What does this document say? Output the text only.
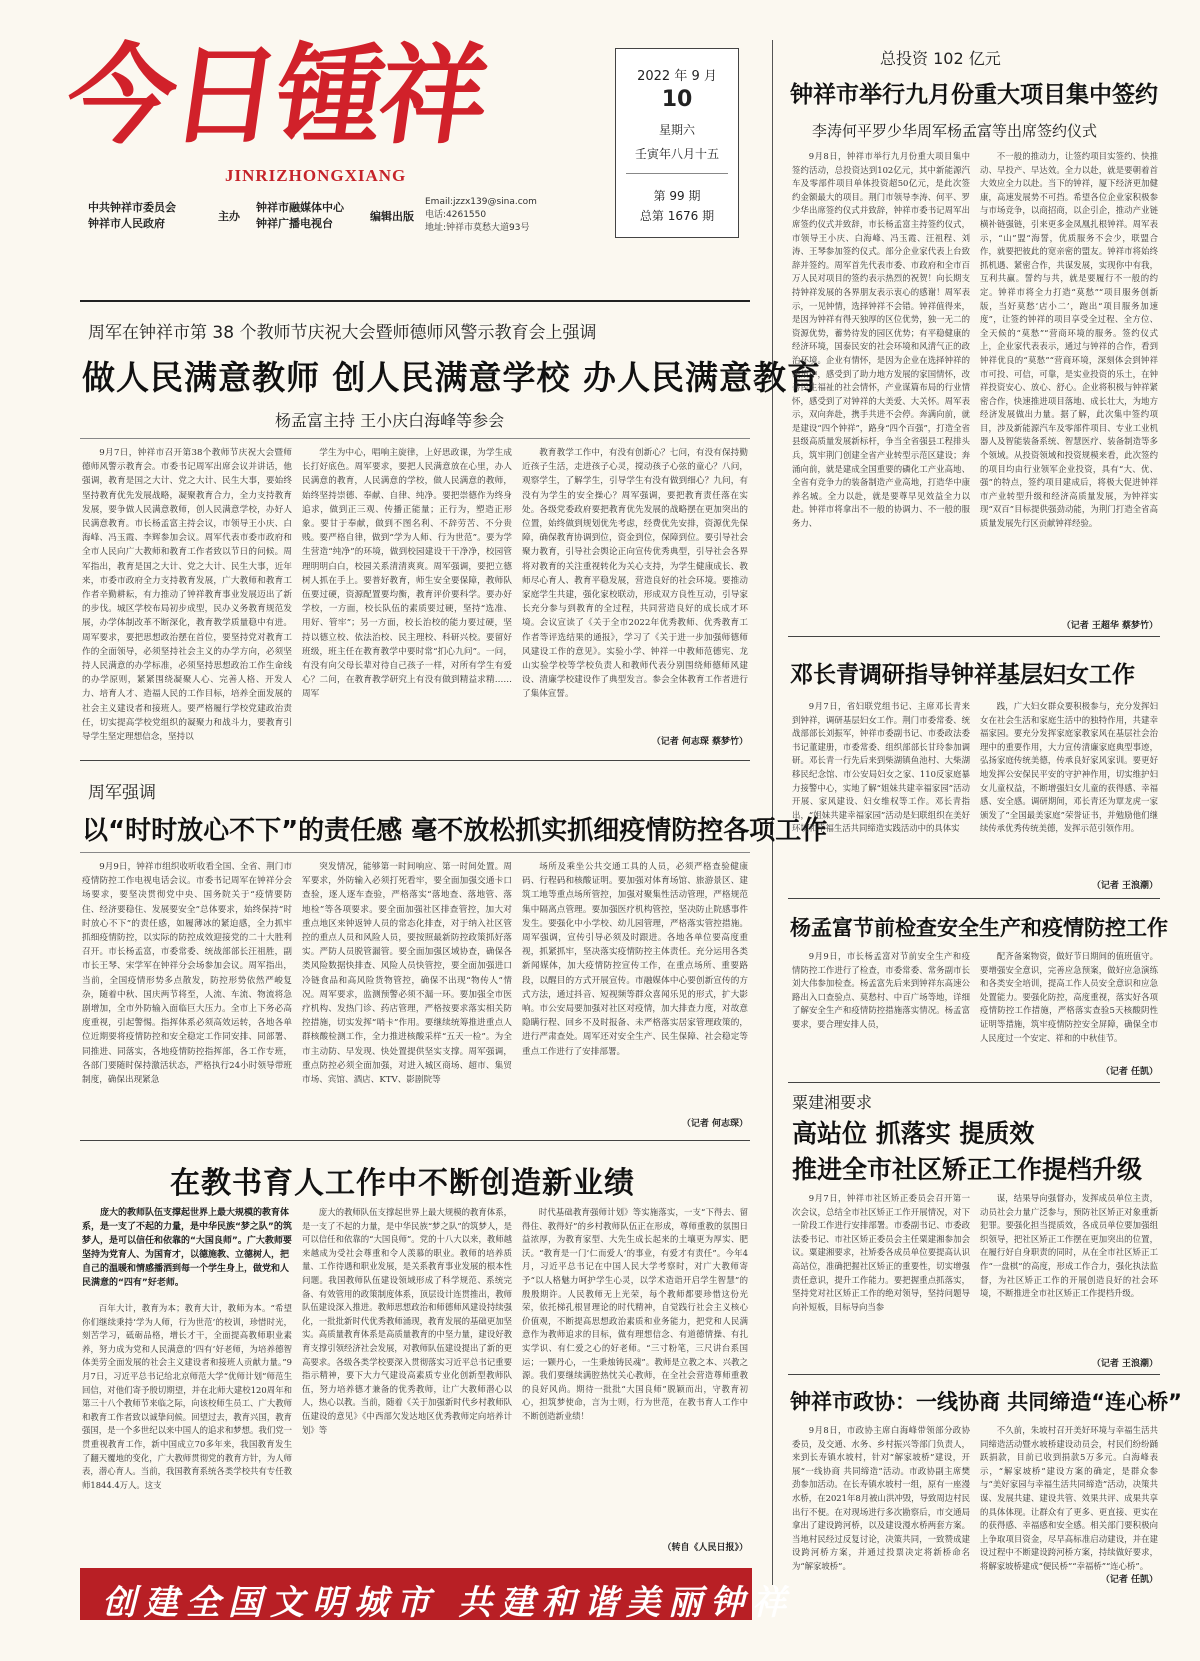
今日锺祥
JINRIZHONGXIANG
中共钟祥市委员会
钟祥市人民政府
主办
钟祥市融媒体中心
钟祥广播电视台
编辑出版
Email:jzzx139@sina.com
电话:4261550
地址:钟祥市莫愁大道93号
2022 年 9 月
10
星期六
壬寅年八月十五
第 99 期
总第 1676 期
周军在钟祥市第 38 个教师节庆祝大会暨师德师风警示教育会上强调
做人民满意教师 创人民满意学校 办人民满意教育
杨孟富主持 王小庆白海峰等参会
9月7日，钟祥市召开第38个教师节庆祝大会暨师德师风警示教育会。市委书记周军出席会议并讲话，他强调，教育是国之大计、党之大计、民生大事，要始终坚持教育优先发展战略，凝聚教育合力，全力支持教育发展，要争做人民满意教师，创人民满意学校，办好人民满意教育。市长杨孟富主持会议，市领导王小庆、白海峰、冯玉霞、李辉参加会议。周军代表市委市政府和全市人民向广大教师和教育工作者致以节日的问候。周军指出，教育是国之大计、党之大计、民生大事，近年来，市委市政府全力支持教育发展，广大教师和教育工作者辛勤耕耘，有力推动了钟祥教育事业发展迈出了新的步伐。城区学校布局初步成型，民办义务教育规范发展，办学体制改革不断深化，教育教学质量稳中有进。周军要求，要把思想政治摆在首位，要坚持党对教育工作的全面领导，必须坚持社会主义的办学方向，必须坚持人民满意的办学标准，必须坚持思想政治工作生命线的办学原则，紧紧围绕凝聚人心、完善人格、开发人力、培育人才、造福人民的工作目标，培养全面发展的社会主义建设者和接班人。要严格履行学校党建政治责任，切实提高学校党组织的凝聚力和战斗力，要教育引导学生坚定理想信念，坚持以
学生为中心，唱响主旋律，上好思政课，为学生成长打好底色。周军要求，要把人民满意放在心里，办人民满意的教育，人民满意的学校，做人民满意的教师，始终坚持崇德、奉献、自律、纯净。要把崇德作为终身追求，做到正三观、传播正能量；正行为，塑造正形象。要甘于奉献，做到不图名利、不辞劳苦、不分贵贱。要严格自律，做到“学为人师、行为世范”。要为学生营造“纯净”的环境，做到校园建设干干净净，校园管理明明白白，校园关系清清爽爽。周军强调，要把立德树人抓在手上。要普好教育，师生安全要保障，教师队伍要过硬，资源配置要均衡，教育评价要科学。要办好学校，一方面，校长队伍的素质要过硬，坚持“选准、用好、管牢”；另一方面，校长治校的能力要过硬，坚持以德立校、依法治校、民主理校、科研兴校。要留好班级，班主任在教育教学中要时常“扪心九问”。一问，有没有向父母长辈对待自己孩子一样，对所有学生有爱心？二问，在教育教学研究上有没有做到精益求精……周军
教育教学工作中，有没有创新心？七问，有没有保持勤近孩子生活，走进孩子心灵，搅动孩子心弦的童心？八问，观察学生，了解学生，引导学生有没有做到细心？九问，有没有为学生的安全操心？周军强调，要把教育责任落在实处。各级党委政府要把教育优先发展的战略摆在更加突出的位置，始终做到规划优先考虑，经费优先安排，资源优先保障，确保教育协调到位，资金到位，保障到位。要引导社会聚力教育，引导社会舆论正向宣传优秀典型，引导社会各界将对教育的关注重视转化为关心支持，为学生健康成长、教师尽心育人、教育平稳发展，营造良好的社会环境。要推动家庭学生共建，强化家校联动，形成双方良性互动，引导家长充分参与到教育的全过程，共同营造良好的成长成才环境。会议宣读了《关于全市2022年优秀教师、优秀教育工作者等评选结果的通报》，学习了《关于进一步加强师德师风建设工作的意见》。实验小学、钟祥一中教师范德宪、龙山实验学校等学校负责人和教师代表分别围绕师德师风建设、清廉学校建设作了典型发言。参会全体教育工作者进行了集体宣誓。
（记者 何志琛 蔡梦竹）
周军强调
以“时时放心不下”的责任感 毫不放松抓实抓细疫情防控各项工作
9月9日，钟祥市组织收听收看全国、全省、荆门市疫情防控工作电视电话会议。市委书记周军在钟祥分会场要求，要坚决贯彻党中央、国务院关于“疫情要防住、经济要稳住、发展要安全”总体要求，始终保持“时时放心不下”的责任感，如履薄冰的紧迫感，全力抓牢抓细疫情防控，以实际的防控成效迎接党的二十大胜利召开。市长杨孟富，市委常委、统战部部长汪祖胜，副市长王琴、宋学军在钟祥分会场参加会议。周军指出，当前，全国疫情形势多点散发，防控形势依然严峻复杂，随着中秋、国庆两节将至，人流、车流、物流将急剧增加，全市外防输入面临巨大压力。全市上下务必高度重视，引起警惕。指挥体系必须高效运转，各地各单位近期要将疫情防控和安全稳定工作同安排、同部署、同推进、同落实，各地疫情防控指挥部，各工作专班，各部门要随时保持激活状态，严格执行24小时领导带班制度，确保出现紧急
突发情况，能够第一时间响应、第一时间处置。周军要求，外防输入必须打死看牢，要全面加强交通卡口查验，逐人逐车查验，严格落实“落地查、落地管、落地检”等各项要求。要全面加强社区排查管控，加大对重点地区来钟返钟人员的常态化排查，对于纳入社区管控的重点人员和风险人员，要按照最新防控政策抓好落实。严防人员脱管漏管。要全面加强区域协查，确保各类风险数据快排查、风险人员快管控，要全面加强进口冷链食品和高风险货物管控，确保不出现“物传人”情况。周军要求，监测预警必须不漏一环。要加强全市医疗机构、发热门诊、药店管理，严格按要求落实相关防控措施，切实发挥“哨卡”作用。要继续统筹推进重点人群核酸检测工作，全力推进核酸采样“五天一检”。为全市主动防、早发现、快处置提供坚实支撑。周军强调，重点防控必须全面加强，对进入城区商场、超市、集贸市场、宾馆、酒店、KTV、影剧院等
场所及乘坐公共交通工具的人员，必须严格查验健康码、行程码和核酸证明。要加强对体育场馆、旅游景区、建筑工地等重点场所管控，加强对聚集性活动管理，严格规范集中隔离点管理。要加强医疗机构管控，坚决防止院感事件发生。要强化中小学校、幼儿园管理，严格落实管控措施。周军强调，宣传引导必须及时跟进。各地各单位要高度重视，抓紧抓牢，坚决落实疫情防控主体责任。充分运用各类新闻媒体，加大疫情防控宣传工作，在重点场所、重要路段，以醒目的方式开展宣传。市融媒体中心要创新宣传的方式方法，通过抖音、短视频等群众喜闻乐见的形式，扩大影响。市公安局要加强对社区对疫情，加大排查力度，对故意隐瞒行程、回乡不及时报备、未严格落实居家管理政策的，进行严肃查处。周军还对安全生产、民生保障、社会稳定等重点工作进行了安排部署。
（记者 何志琛）
在教书育人工作中不断创造新业绩
庞大的教师队伍支撑起世界上最大规模的教育体系，是一支了不起的力量，是中华民族“梦之队”的筑梦人，是可以信任和依靠的“大国良师”。广大教师要坚持为党育人、为国育才，以德施教、立德树人，把自己的温暖和情感播洒到每一个学生身上，做党和人民满意的“四有”好老师。
百年大计，教育为本；教育大计，教师为本。“希望你们继续秉持‘学为人师，行为世范’的校训，珍惜时光，刻苦学习，砥砺品格，增长才干，全面提高教师职业素养，努力成为党和人民满意的‘四有’好老师，为培养德智体美劳全面发展的社会主义建设者和接班人贡献力量。”9月7日，习近平总书记给北京师范大学“优师计划”师范生回信，对他们寄予殷切期望，并在北师大建校120周年和第三十八个教师节来临之际，向该校师生员工、广大教师和教育工作者致以诚挚问候。回望过去，教育兴国，教育强国，是一个多世纪以来中国人的追求和梦想。我们党一贯重视教育工作，新中国成立70多年来，我国教育发生了翻天覆地的变化，广大教师贯彻党的教育方针，为人师表，潜心育人。当前，我国教育系统各类学校共有专任教师1844.4万人。这支
庞大的教师队伍支撑起世界上最大规模的教育体系，是一支了不起的力量，是中华民族“梦之队”的筑梦人，是可以信任和依靠的“大国良师”。党的十八大以来，教师越来越成为受社会尊重和令人羡慕的职业。教师的培养质量、工作待遇和职业发展，是关系教育事业发展的根本性问题。我国教师队伍建设领域形成了科学规范、系统完备、有效管用的政策制度体系，顶层设计连贯推出，教师队伍建设深入推进。教师思想政治和师德师风建设持续强化，一批批新时代优秀教师涌现，教育发展的基础更加坚实。高质量教育体系是高质量教育的中坚力量，建设好教育支撑引领经济社会发展，对教师队伍建设提出了新的更高要求。各级各类学校要深入贯彻落实习近平总书记重要指示精神，要下大力气建设高素质专业化创新型教师队伍，努力培养德才兼备的优秀教师，让广大教师潜心以人，热心以教。当前，随着《关于加强新时代乡村教师队伍建设的意见》《中西部欠发达地区优秀教师定向培养计划》等
时代基础教育强师计划》等实施落实，一支“下得去、留得住、教得好”的乡村教师队伍正在形成，尊师重教的氛围日益浓厚，为教育家型、大先生成长起来的土壤更为厚实、肥沃。“教育是一门‘仁而爱人’的事业，有爱才有责任”。今年4月，习近平总书记在中国人民大学考察时，对广大教师寄予“以人格魅力呵护学生心灵，以学术造诣开启学生智慧”的殷殷期许。人民教师无上光荣，每个教师都要珍惜这份光荣，依托梯孔根冒理论的时代精神，自觉践行社会主义核心价值观，不断提高思想政治素质和业务能力，把党和人民满意作为教师追求的目标，做有理想信念、有道德情操、有扎实学识、有仁爱之心的好老师。“三寸粉笔，三尺讲台系国运；一颗丹心，一生秉烛铸民魂”。教师是立教之本、兴教之源。我们要继续满腔热忱关心教师，在全社会营造尊师重教的良好风尚。期待一批批“大国良师”脱颖而出，守教育初心，担筑梦使命，言为士则，行为世范，在教书育人工作中不断创造新业绩！
（转自《人民日报》）
总投资 102 亿元
钟祥市举行九月份重大项目集中签约
李涛何平罗少华周军杨孟富等出席签约仪式
9月8日，钟祥市举行九月份重大项目集中签约活动，总投资达到102亿元，其中新能源汽车及零部件项目单体投资超50亿元，是此次签约金额最大的项目。荆门市领导李涛、何平、罗少华出席签约仪式并致辞，钟祥市委书记周军出席签约仪式并致辞，市长杨孟富主持签约仪式，市领导王小庆、白海峰、冯玉霞、汪祖程、刘涛、王琴参加签约仪式。部分企业家代表上台致辞并签约。周军首先代表市委、市政府和全市百万人民对项目的签约表示热烈的祝贺！向长期支持钟祥发展的各界朋友表示衷心的感谢！周军表示，一见钟情，选择钟祥不会错。钟祥值得来，是因为钟祥有得天独厚的区位优势，独一无二的资源优势，蓄势待发的园区优势；有平稳健康的经济环境，国泰民安的社会环境和风清气正的政治环境。企业有情怀，是因为企业在选择钟祥的决策中，感受到了助力地方发展的家国情怀，改善民生福祉的社会情怀，产业谋篇布局的行业情怀，感受到了对钟祥的大美爱、大关怀。周军表示，双向奔赴，携手共进不会停。奔满向前，就是建设“四个钟祥”，路身“四个百强”，打造全省县级高质量发展新标杆，争当全省强县工程排头兵，筑牢荆门创建全省产业转型示范区建设；奔涌向前，就是建成全国重要的磷化工产业高地、全省有竞争力的装备制造产业高地，打造华中康养名城。全力以赴，就是要尊早见效益全力以赴。钟祥市将拿出不一般的协调力、不一般的服务力、
不一般的推动力，让签约项目实签约、快推动、早投产、早达效。全力以赴，就是要朝着首大效应全力以赴。当下的钟祥，厦下经济更加健康，高速发展势不可挡。希望各位企业家积极参与市场竞争，以商招商，以企引企，推动产业链横补链强链，引来更多金凤凰扎根钟祥。周军表示，“山”盟“海誓，优质服务不会少，联盟合作，就要把彼此的宽亲密的盟友。钟祥市将始终抓机遇、紧密合作，共谋发展，实现你中有我，互利共赢。誓约与共，就是要履行不一般的约定。钟祥市将全力打造“莫愁”“项目服务创新版，当好莫愁‘店小二’，跑出“项目服务加速度”，让签约钟祥的项目享受全过程、全方位、全天候的“莫愁”“营商环境的服务。签约仪式上，企业家代表表示，通过与钟祥的合作，看到钟祥优良的“莫愁”“营商环境，深刻体会到钟祥市可投、可信，可靠，是实业投资的乐土，在钟祥投资安心、放心、舒心。企业将积极与钟祥紧密合作，快速推进项目落地、成长壮大，为地方经济发展做出力量。据了解，此次集中签约项目，涉及新能源汽车及零部件项目、专业工业机器人及智能装备系统、智慧医疗、装备制造等多个领域。从投资领域和投资规模来看，此次签约的项目均由行业领军企业投资，具有“大、优、强”的特点，签约项目建成后，将极大促进钟祥市产业转型升级和经济高质量发展，为钟祥实现“双百”目标提供强劲动能，为荆门打造全省高质量发展先行区贡献钟祥经验。
（记者 王超华 蔡梦竹）
邓长青调研指导钟祥基层妇女工作
9月7日，省妇联党组书记、主席邓长青来到钟祥，调研基层妇女工作。荆门市委常委、统战部部长刘振军，钟祥市委副书记、市委政法委书记董建册，市委常委、组织部部长甘玲参加调研。邓长青一行先后来到柴湖镇鱼池村、大柴湖移民纪念馆、市公安局妇女之家、110反家庭暴力接警中心，实地了解“姐妹共建幸福家园”活动开展、家风建设、妇女维权等工作。邓长青指出，“姐妹共建幸福家园”活动是妇联组织在美好环境和幸福生活共同缔造实践活动中的具体实
践，广大妇女群众要积极参与，充分发挥妇女在社会生活和家庭生活中的独特作用，共建幸福家园。要充分发挥家庭家教家风在基层社会治理中的重要作用，大力宣传清廉家庭典型事迹，弘扬家庭传统美德，传承良好家风家训。要更好地发挥公安保民平安的守护神作用，切实维护妇女儿童权益，不断增强妇女儿童的获得感、幸福感、安全感。调研期间，邓长青还为覃龙虎一家颁发了“全国最美家庭”荣誉证书，并勉励他们继续传承优秀传统美德，发挥示范引领作用。
（记者 王浪潮）
杨孟富节前检查安全生产和疫情防控工作
9月9日，市长杨孟富对节前安全生产和疫情防控工作进行了检查，市委常委、常务副市长刘大伟参加检查。杨孟富先后来到钟祥东高速公路出入口查验点、莫愁村、中百广场等地，详细了解安全生产和疫情防控措施落实情况。杨孟富要求，要合理安排人员，
配齐备案物资，做好节日期间的值班值守。要增强安全意识，完善应急预案，做好应急演练和各类安全培训，提高工作人员安全意识和应急处置能力。要强化防控，高度重视，落实好各项疫情防控工作措施，严格落实查验5天核酸阴性证明等措施，筑牢疫情防控安全屏障，确保全市人民度过一个安定、祥和的中秋佳节。
（记者 任凯）
粟建湘要求
高站位 抓落实 提质效
推进全市社区矫正工作提档升级
9月7日，钟祥市社区矫正委员会召开第一次会议，总结全市社区矫正工作开展情况，对下一阶段工作进行安排部署。市委副书记、市委政法委书记、市社区矫正委员会主任粟建湘参加会议。粟建湘要求，社矫委各成员单位要提高认识高站位，准确把握社区矫正的重要性，切实增强责任意识，提升工作能力。要把握重点抓落实，坚持党对社区矫正工作的绝对领导，坚持问题导向补短板，目标导向当参
谋，结果导向强督办，发挥成员单位主责，动员社会力量广泛参与，预防社区矫正对象重新犯罪。要强化担当提质效，各成员单位要加强组织领导，把社区矫正工作摆在更加突出的位置，在履行好自身职责的同时，从在全市社区矫正工作“一盘棋”的高度，形成工作合力，强化执法监督，为社区矫正工作的开展创造良好的社会环境，不断推进全市社区矫正工作提档升级。
（记者 王浪潮）
钟祥市政协：一线协商 共同缔造“连心桥”
9月8日，市政协主席白海峰带领部分政协委员，及交通、水务、乡村振兴等部门负责人，来到长寿镇水坡村，针对“解家坡桥”建设，开展“一线协商 共同缔造”活动。市政协副主席樊劲参加活动。在长寿镇水坡村一组，原有一座漫水桥，在2021年8月被山洪冲毁，导致周边村民出行不便。在对现场进行多次勘察后，市交通局拿出了建设跨河桥，以及建设漫水桥两套方案。当地村民经过反复讨论，决策共同，一致赞成建设跨河桥方案，并通过投票决定将新桥命名为“解家坡桥”。
不久前，朱坡村召开美好环境与幸福生活共同缔造活动暨水坡桥建设动员会，村民们纷纷踊跃捐款，目前已收到捐款5万多元。白海峰表示，“解家坡桥”建设方案的确定，是群众参与“美好家园与幸福生活共同缔造”活动，决策共谋、发展共建、建设共管、效果共评、成果共享的具体体现。让群众有了更多、更直接、更实在的获得感、幸福感和安全感。相关部门要积极向上争取项目资金，尽早高标准启动建设，并在建设过程中不断建设跨河桥方案，持续做好要求，将解家坡桥建成“便民桥”“幸福桥”“连心桥”。
（记者 任凯）
创建全国文明城市 共建和谐美丽钟祥
